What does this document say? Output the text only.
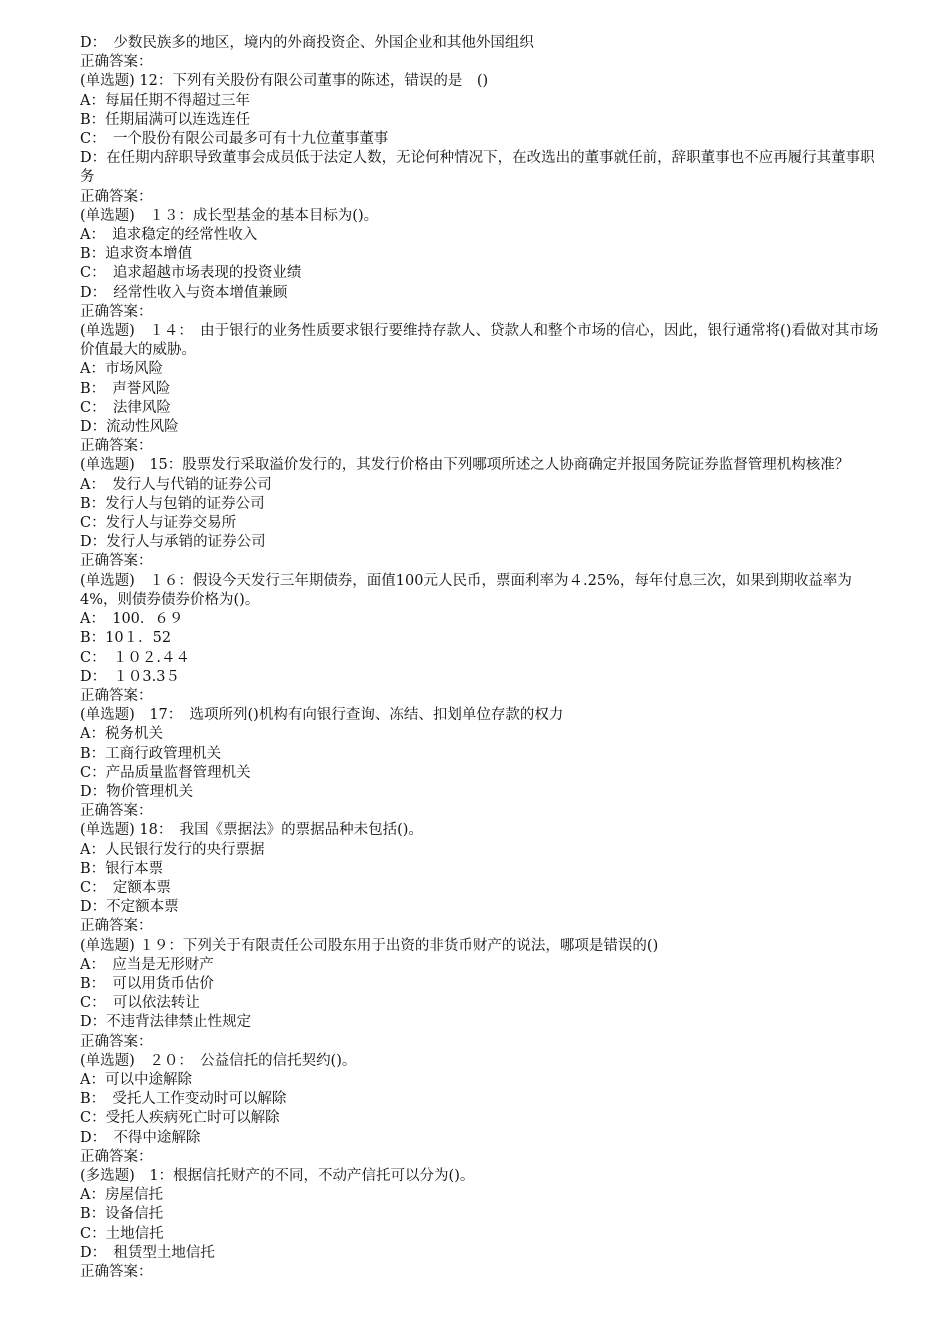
D：　少数民族多的地区，境内的外商投资企、外国企业和其他外国组织
正确答案：
(单选题) 12：下列有关股份有限公司董事的陈述，错误的是　()
A：每届任期不得超过三年
B：任期届满可以连选连任
C：　一个股份有限公司最多可有十九位董事董事
D：在任期内辞职导致董事会成员低于法定人数，无论何种情况下，在改选出的董事就任前，辞职董事也不应再履行其董事职务
正确答案：
(单选题)　１３：成长型基金的基本目标为()。
A：　追求稳定的经常性收入
B：追求资本增值
C：　追求超越市场表现的投资业绩
D：　经常性收入与资本增值兼顾
正确答案：
(单选题)　１４：　由于银行的业务性质要求银行要维持存款人、贷款人和整个市场的信心，因此，银行通常将()看做对其市场价值最大的威胁。
A：市场风险
B：　声誉风险
C：　法律风险
D：流动性风险
正确答案：
(单选题)　15：股票发行采取溢价发行的，其发行价格由下列哪项所述之人协商确定并报国务院证券监督管理机构核准？
A：　发行人与代销的证券公司
B：发行人与包销的证券公司
C：发行人与证券交易所
D：发行人与承销的证券公司
正确答案：
(单选题)　１６：假设今天发行三年期债券，面值100元人民币，票面利率为４.25%，每年付息三次，如果到期收益率为4%，则债券债券价格为()。
A：　100．６９
B：10１．52
C：　１０２.４４
D：　１０3.3５
正确答案：
(单选题)　17：　选项所列()机构有向银行查询、冻结、扣划单位存款的权力
A：税务机关
B：工商行政管理机关
C：产品质量监督管理机关
D：物价管理机关
正确答案：
(单选题) 18：　我国《票据法》的票据品种未包括()。
A：人民银行发行的央行票据
B：银行本票
C：　定额本票
D：不定额本票
正确答案：
(单选题) １９：下列关于有限责任公司股东用于出资的非货币财产的说法，哪项是错误的()
A：　应当是无形财产
B：　可以用货币估价
C：　可以依法转让
D：不违背法律禁止性规定
正确答案：
(单选题)　２０：　公益信托的信托契约()。
A：可以中途解除
B：　受托人工作变动时可以解除
C：受托人疾病死亡时可以解除
D：　不得中途解除
正确答案：
(多选题)　1：根据信托财产的不同，不动产信托可以分为()。
A：房屋信托
B：设备信托
C：土地信托
D：　租赁型土地信托
正确答案：
